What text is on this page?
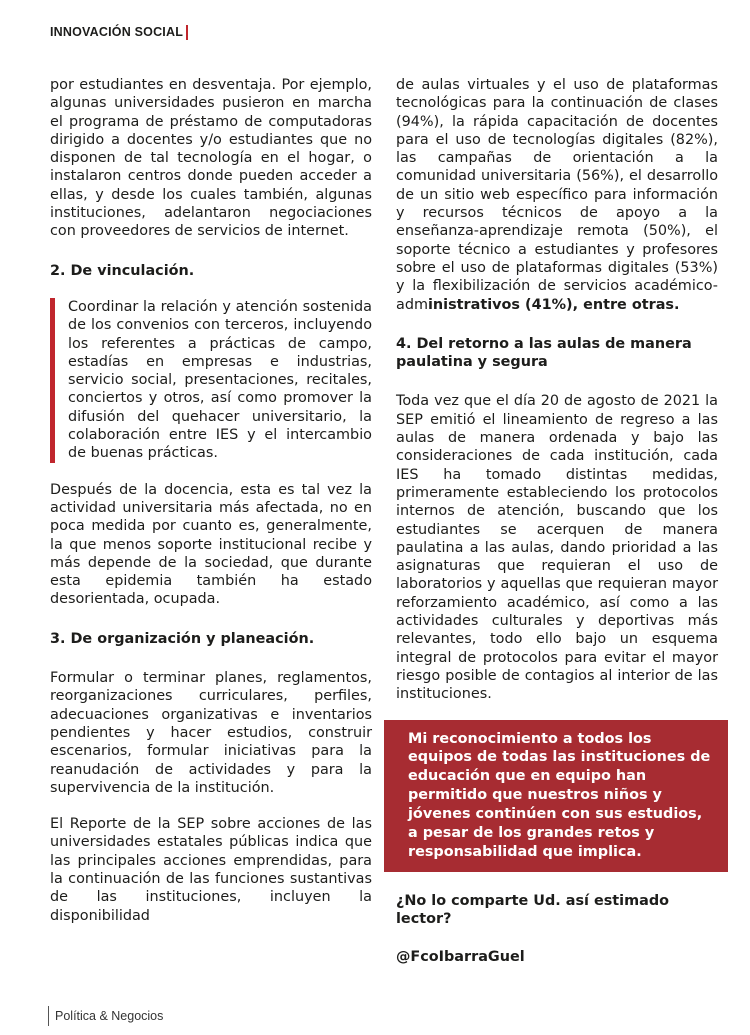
INNOVACIÓN SOCIAL

por estudiantes en desventaja. Por ejemplo, algunas universidades pusieron en marcha el programa de préstamo de computadoras dirigido a docentes y/o estudiantes que no disponen de tal tecnología en el hogar, o instalaron centros donde pueden acceder a ellas, y desde los cuales también, algunas instituciones, adelantaron negociaciones con proveedores de servicios de internet.

2. De vinculación.

Coordinar la relación y atención sostenida de los convenios con terceros, incluyendo los referentes a prácticas de campo, estadías en empresas e industrias, servicio social, presentaciones, recitales, conciertos y otros, así como promover la difusión del quehacer universitario, la colaboración entre IES y el intercambio de buenas prácticas.

Después de la docencia, esta es tal vez la actividad universitaria más afectada, no en poca medida por cuanto es, generalmente, la que menos soporte institucional recibe y más depende de la sociedad, que durante esta epidemia también ha estado desorientada, ocupada.

3. De organización y planeación.

Formular o terminar planes, reglamentos, reorganizaciones curriculares, perfiles, adecuaciones organizativas e inventarios pendientes y hacer estudios, construir escenarios, formular iniciativas para la reanudación de actividades y para la supervivencia de la institución.

El Reporte de la SEP sobre acciones de las universidades estatales públicas indica que las principales acciones emprendidas, para la continuación de las funciones sustantivas de las instituciones, incluyen la disponibilidad

de aulas virtuales y el uso de plataformas tecnológicas para la continuación de clases (94%), la rápida capacitación de docentes para el uso de tecnologías digitales (82%), las campañas de orientación a la comunidad universitaria (56%), el desarrollo de un sitio web específico para información y recursos técnicos de apoyo a la enseñanza-aprendizaje remota (50%), el soporte técnico a estudiantes y profesores sobre el uso de plataformas digitales (53%) y la flexibilización de servicios académico-administrativos (41%), entre otras.

4. Del retorno a las aulas de manera paulatina y segura

Toda vez que el día 20 de agosto de 2021 la SEP emitió el lineamiento de regreso a las aulas de manera ordenada y bajo las consideraciones de cada institución, cada IES ha tomado distintas medidas, primeramente estableciendo los protocolos internos de atención, buscando que los estudiantes se acerquen de manera paulatina a las aulas, dando prioridad a las asignaturas que requieran el uso de laboratorios y aquellas que requieran mayor reforzamiento académico, así como a las actividades culturales y deportivas más relevantes, todo ello bajo un esquema integral de protocolos para evitar el mayor riesgo posible de contagios al interior de las instituciones.

Mi reconocimiento a todos los equipos de todas las instituciones de educación que en equipo han permitido que nuestros niños y jóvenes continúen con sus estudios, a pesar de los grandes retos y responsabilidad que implica.

¿No lo comparte Ud. así estimado lector?

@FcoIbarraGuel

Política & Negocios
